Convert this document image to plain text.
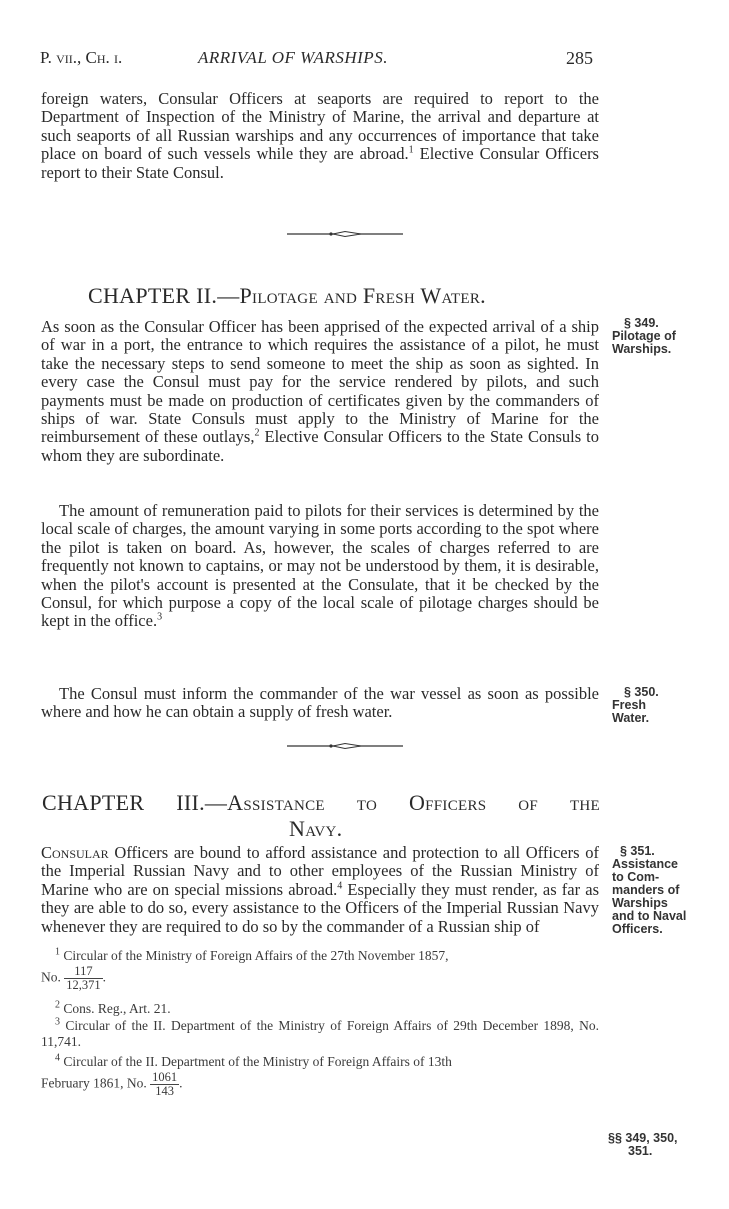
P. vii., Ch. i.	ARRIVAL OF WARSHIPS.	285
foreign waters, Consular Officers at seaports are required to report to the Department of Inspection of the Ministry of Marine, the arrival and departure at such seaports of all Russian warships and any occurrences of importance that take place on board of such vessels while they are abroad.$^1$ Elective Consular Officers report to their State Consul.
CHAPTER II.—Pilotage and Fresh Water.
As soon as the Consular Officer has been apprised of the expected arrival of a ship of war in a port, the entrance to which requires the assistance of a pilot, he must take the necessary steps to send someone to meet the ship as soon as sighted. In every case the Consul must pay for the service rendered by pilots, and such payments must be made on production of certificates given by the commanders of ships of war. State Consuls must apply to the Ministry of Marine for the reimbursement of these outlays,$^2$ Elective Consular Officers to the State Consuls to whom they are subordinate.
The amount of remuneration paid to pilots for their services is determined by the local scale of charges, the amount varying in some ports according to the spot where the pilot is taken on board. As, however, the scales of charges referred to are frequently not known to captains, or may not be understood by them, it is desirable, when the pilot's account is presented at the Consulate, that it be checked by the Consul, for which purpose a copy of the local scale of pilotage charges should be kept in the office.$^3$
The Consul must inform the commander of the war vessel as soon as possible where and how he can obtain a supply of fresh water.
§ 349.
Pilotage of
Warships.
§ 350.
Fresh
Water.
CHAPTER III.—Assistance to Officers of the
Navy.
Consular Officers are bound to afford assistance and protection to all Officers of the Imperial Russian Navy and to other employees of the Russian Ministry of Marine who are on special missions abroad.$^4$ Especially they must render, as far as they are able to do so, every assistance to the Officers of the Imperial Russian Navy whenever they are required to do so by the commander of a Russian ship of
§ 351.
Assistance
to Com-
manders of
Warships
and to Naval
Officers.
$^1$ Circular of the Ministry of Foreign Affairs of the 27th November 1857,
No. $\frac{117}{12,371}$ .
$^2$ Cons. Reg., Art. 21.
$^3$ Circular of the II. Department of the Ministry of Foreign Affairs of 29th December 1898, No. 11,741.
$^4$ Circular of the II. Department of the Ministry of Foreign Affairs of 13th
February 1861, No. $\frac{1061}{143}$ .
§§ 349, 350,
351.
